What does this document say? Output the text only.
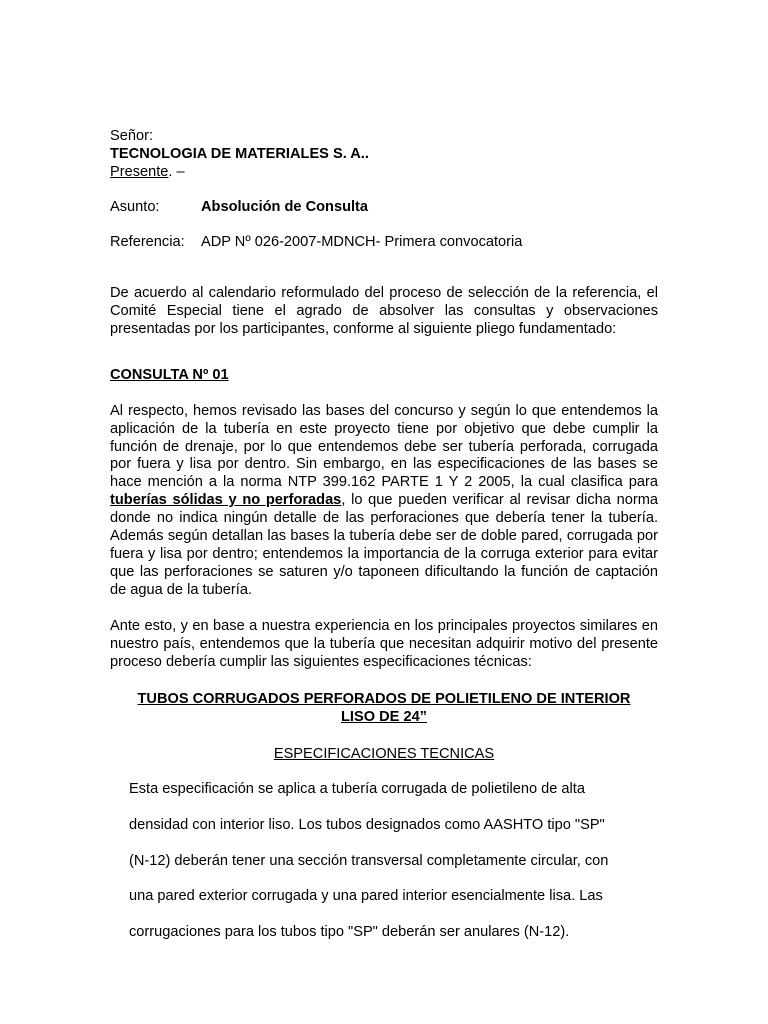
Señor:

TECNOLOGIA DE MATERIALES S. A..

Presente. –

Asunto:	Absolución de Consulta
Referencia:	ADP Nº 026-2007-MDNCH- Primera convocatoria

De acuerdo al calendario reformulado del proceso de selección de la referencia, el Comité Especial tiene el agrado de absolver las consultas y observaciones presentadas por los participantes, conforme al siguiente pliego fundamentado:

CONSULTA Nº 01

Al respecto, hemos revisado las bases del concurso y según lo que entendemos la aplicación de la tubería en este proyecto tiene por objetivo que debe cumplir la función de drenaje, por lo que entendemos debe ser tubería perforada, corrugada por fuera y lisa por dentro. Sin embargo, en las especificaciones de las bases se hace mención a la norma NTP 399.162 PARTE 1 Y 2 2005, la cual clasifica para tuberías sólidas y no perforadas, lo que pueden verificar al revisar dicha norma donde no indica ningún detalle de las perforaciones que debería tener la tubería. Además según detallan las bases la tubería debe ser de doble pared, corrugada por fuera y lisa por dentro; entendemos la importancia de la corruga exterior para evitar que las perforaciones se saturen y/o taponeen dificultando la función de captación de agua de la tubería.

Ante esto, y en base a nuestra experiencia en los principales proyectos similares en nuestro país, entendemos que la tubería que necesitan adquirir motivo del presente proceso debería cumplir las siguientes especificaciones técnicas:

TUBOS CORRUGADOS PERFORADOS DE POLIETILENO DE INTERIOR
LISO DE 24”

ESPECIFICACIONES TECNICAS

Esta especificación se aplica a tubería corrugada de polietileno de alta

densidad con interior liso. Los tubos designados como AASHTO tipo "SP"

(N-12) deberán tener una sección transversal completamente circular, con

una pared exterior corrugada y una pared interior esencialmente lisa. Las

corrugaciones para los tubos tipo "SP" deberán ser anulares (N-12).
